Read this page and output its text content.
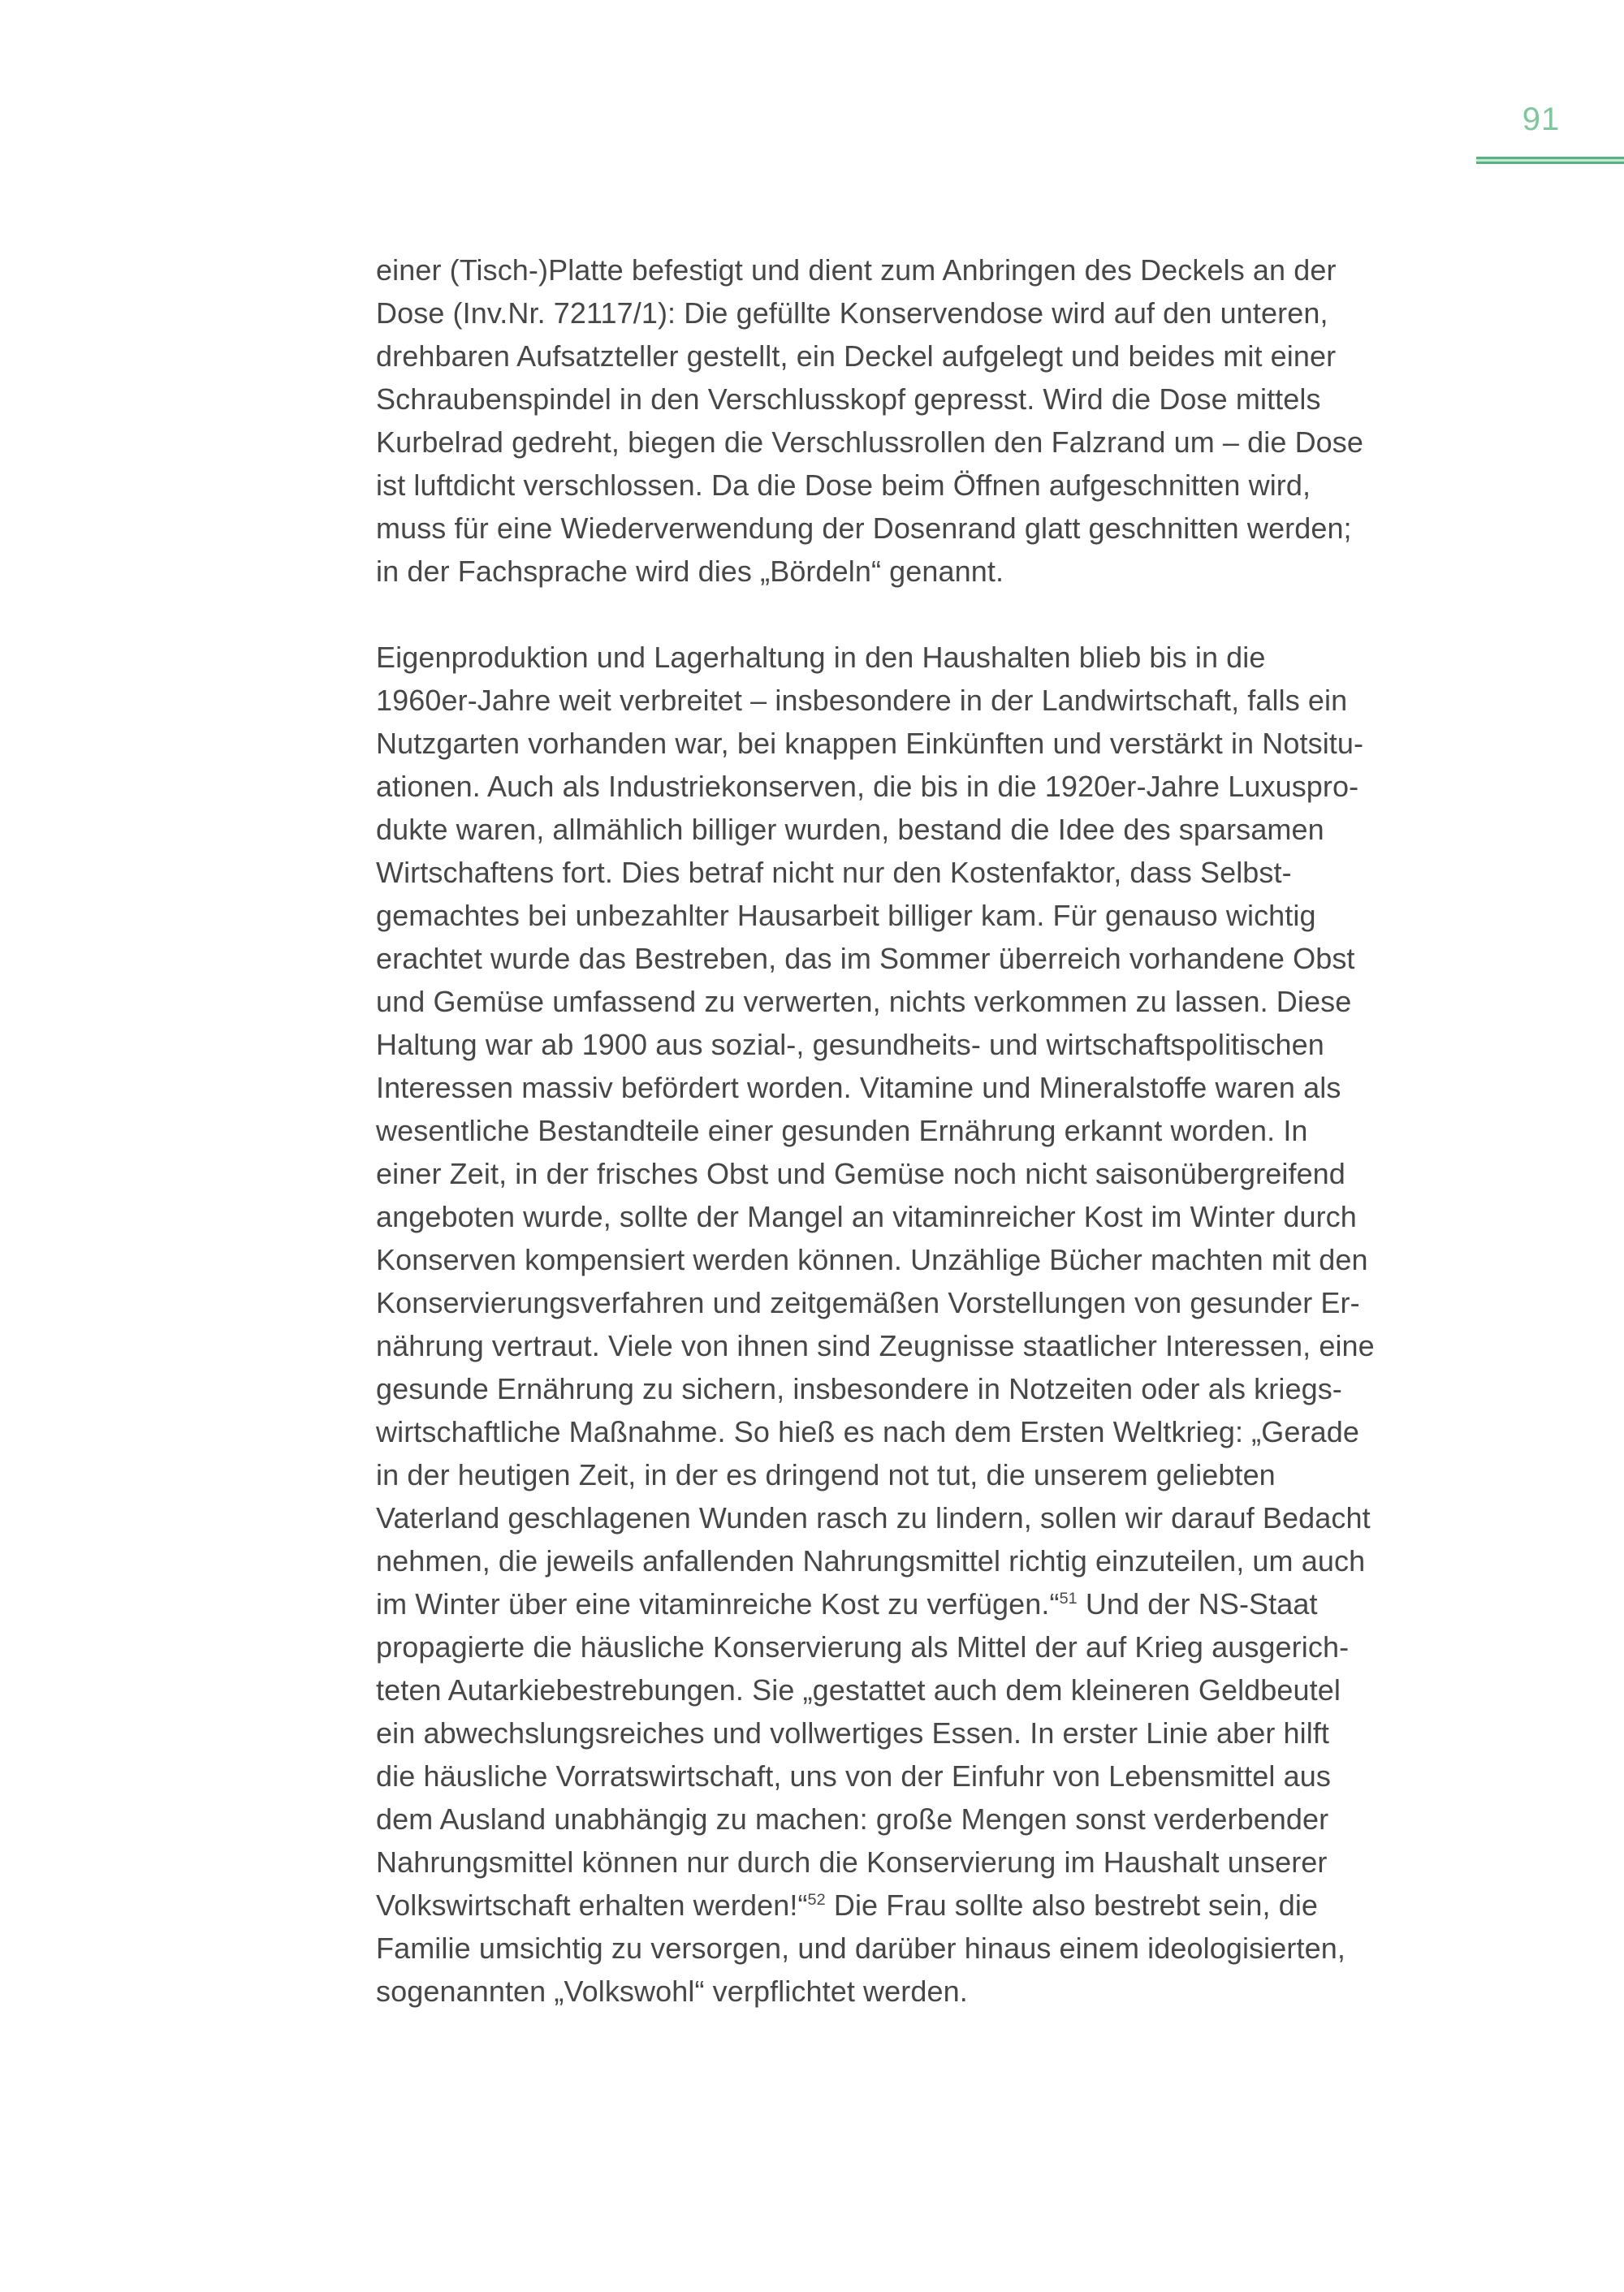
91

einer (Tisch-)Platte befestigt und dient zum Anbringen des Deckels an der
Dose (Inv.Nr. 72117/1): Die gefüllte Konservendose wird auf den unteren,
drehbaren Aufsatzteller gestellt, ein Deckel aufgelegt und beides mit einer
Schraubenspindel in den Verschlusskopf gepresst. Wird die Dose mittels
Kurbelrad gedreht, biegen die Verschlussrollen den Falzrand um – die Dose
ist luftdicht verschlossen. Da die Dose beim Öffnen aufgeschnitten wird,
muss für eine Wiederverwendung der Dosenrand glatt geschnitten werden;
in der Fachsprache wird dies „Bördeln“ genannt.

Eigenproduktion und Lagerhaltung in den Haushalten blieb bis in die
1960er-Jahre weit verbreitet – insbesondere in der Landwirtschaft, falls ein
Nutzgarten vorhanden war, bei knappen Einkünften und verstärkt in Notsitu-
ationen. Auch als Industriekonserven, die bis in die 1920er-Jahre Luxuspro-
dukte waren, allmählich billiger wurden, bestand die Idee des sparsamen
Wirtschaftens fort. Dies betraf nicht nur den Kostenfaktor, dass Selbst-
gemachtes bei unbezahlter Hausarbeit billiger kam. Für genauso wichtig
erachtet wurde das Bestreben, das im Sommer überreich vorhandene Obst
und Gemüse umfassend zu verwerten, nichts verkommen zu lassen. Diese
Haltung war ab 1900 aus sozial-, gesundheits- und wirtschaftspolitischen
Interessen massiv befördert worden. Vitamine und Mineralstoffe waren als
wesentliche Bestandteile einer gesunden Ernährung erkannt worden. In
einer Zeit, in der frisches Obst und Gemüse noch nicht saisonübergreifend
angeboten wurde, sollte der Mangel an vitaminreicher Kost im Winter durch
Konserven kompensiert werden können. Unzählige Bücher machten mit den
Konservierungsverfahren und zeitgemäßen Vorstellungen von gesunder Er-
nährung vertraut. Viele von ihnen sind Zeugnisse staatlicher Interessen, eine
gesunde Ernährung zu sichern, insbesondere in Notzeiten oder als kriegs-
wirtschaftliche Maßnahme. So hieß es nach dem Ersten Weltkrieg: „Gerade
in der heutigen Zeit, in der es dringend not tut, die unserem geliebten
Vaterland geschlagenen Wunden rasch zu lindern, sollen wir darauf Bedacht
nehmen, die jeweils anfallenden Nahrungsmittel richtig einzuteilen, um auch
im Winter über eine vitaminreiche Kost zu verfügen.“$^{51}$ Und der NS-Staat
propagierte die häusliche Konservierung als Mittel der auf Krieg ausgerich-
teten Autarkiebestrebungen. Sie „gestattet auch dem kleineren Geldbeutel
ein abwechslungsreiches und vollwertiges Essen. In erster Linie aber hilft
die häusliche Vorratswirtschaft, uns von der Einfuhr von Lebensmittel aus
dem Ausland unabhängig zu machen: große Mengen sonst verderbender
Nahrungsmittel können nur durch die Konservierung im Haushalt unserer
Volkswirtschaft erhalten werden!“$^{52}$ Die Frau sollte also bestrebt sein, die
Familie umsichtig zu versorgen, und darüber hinaus einem ideologisierten,
sogenannten „Volkswohl“ verpflichtet werden.
